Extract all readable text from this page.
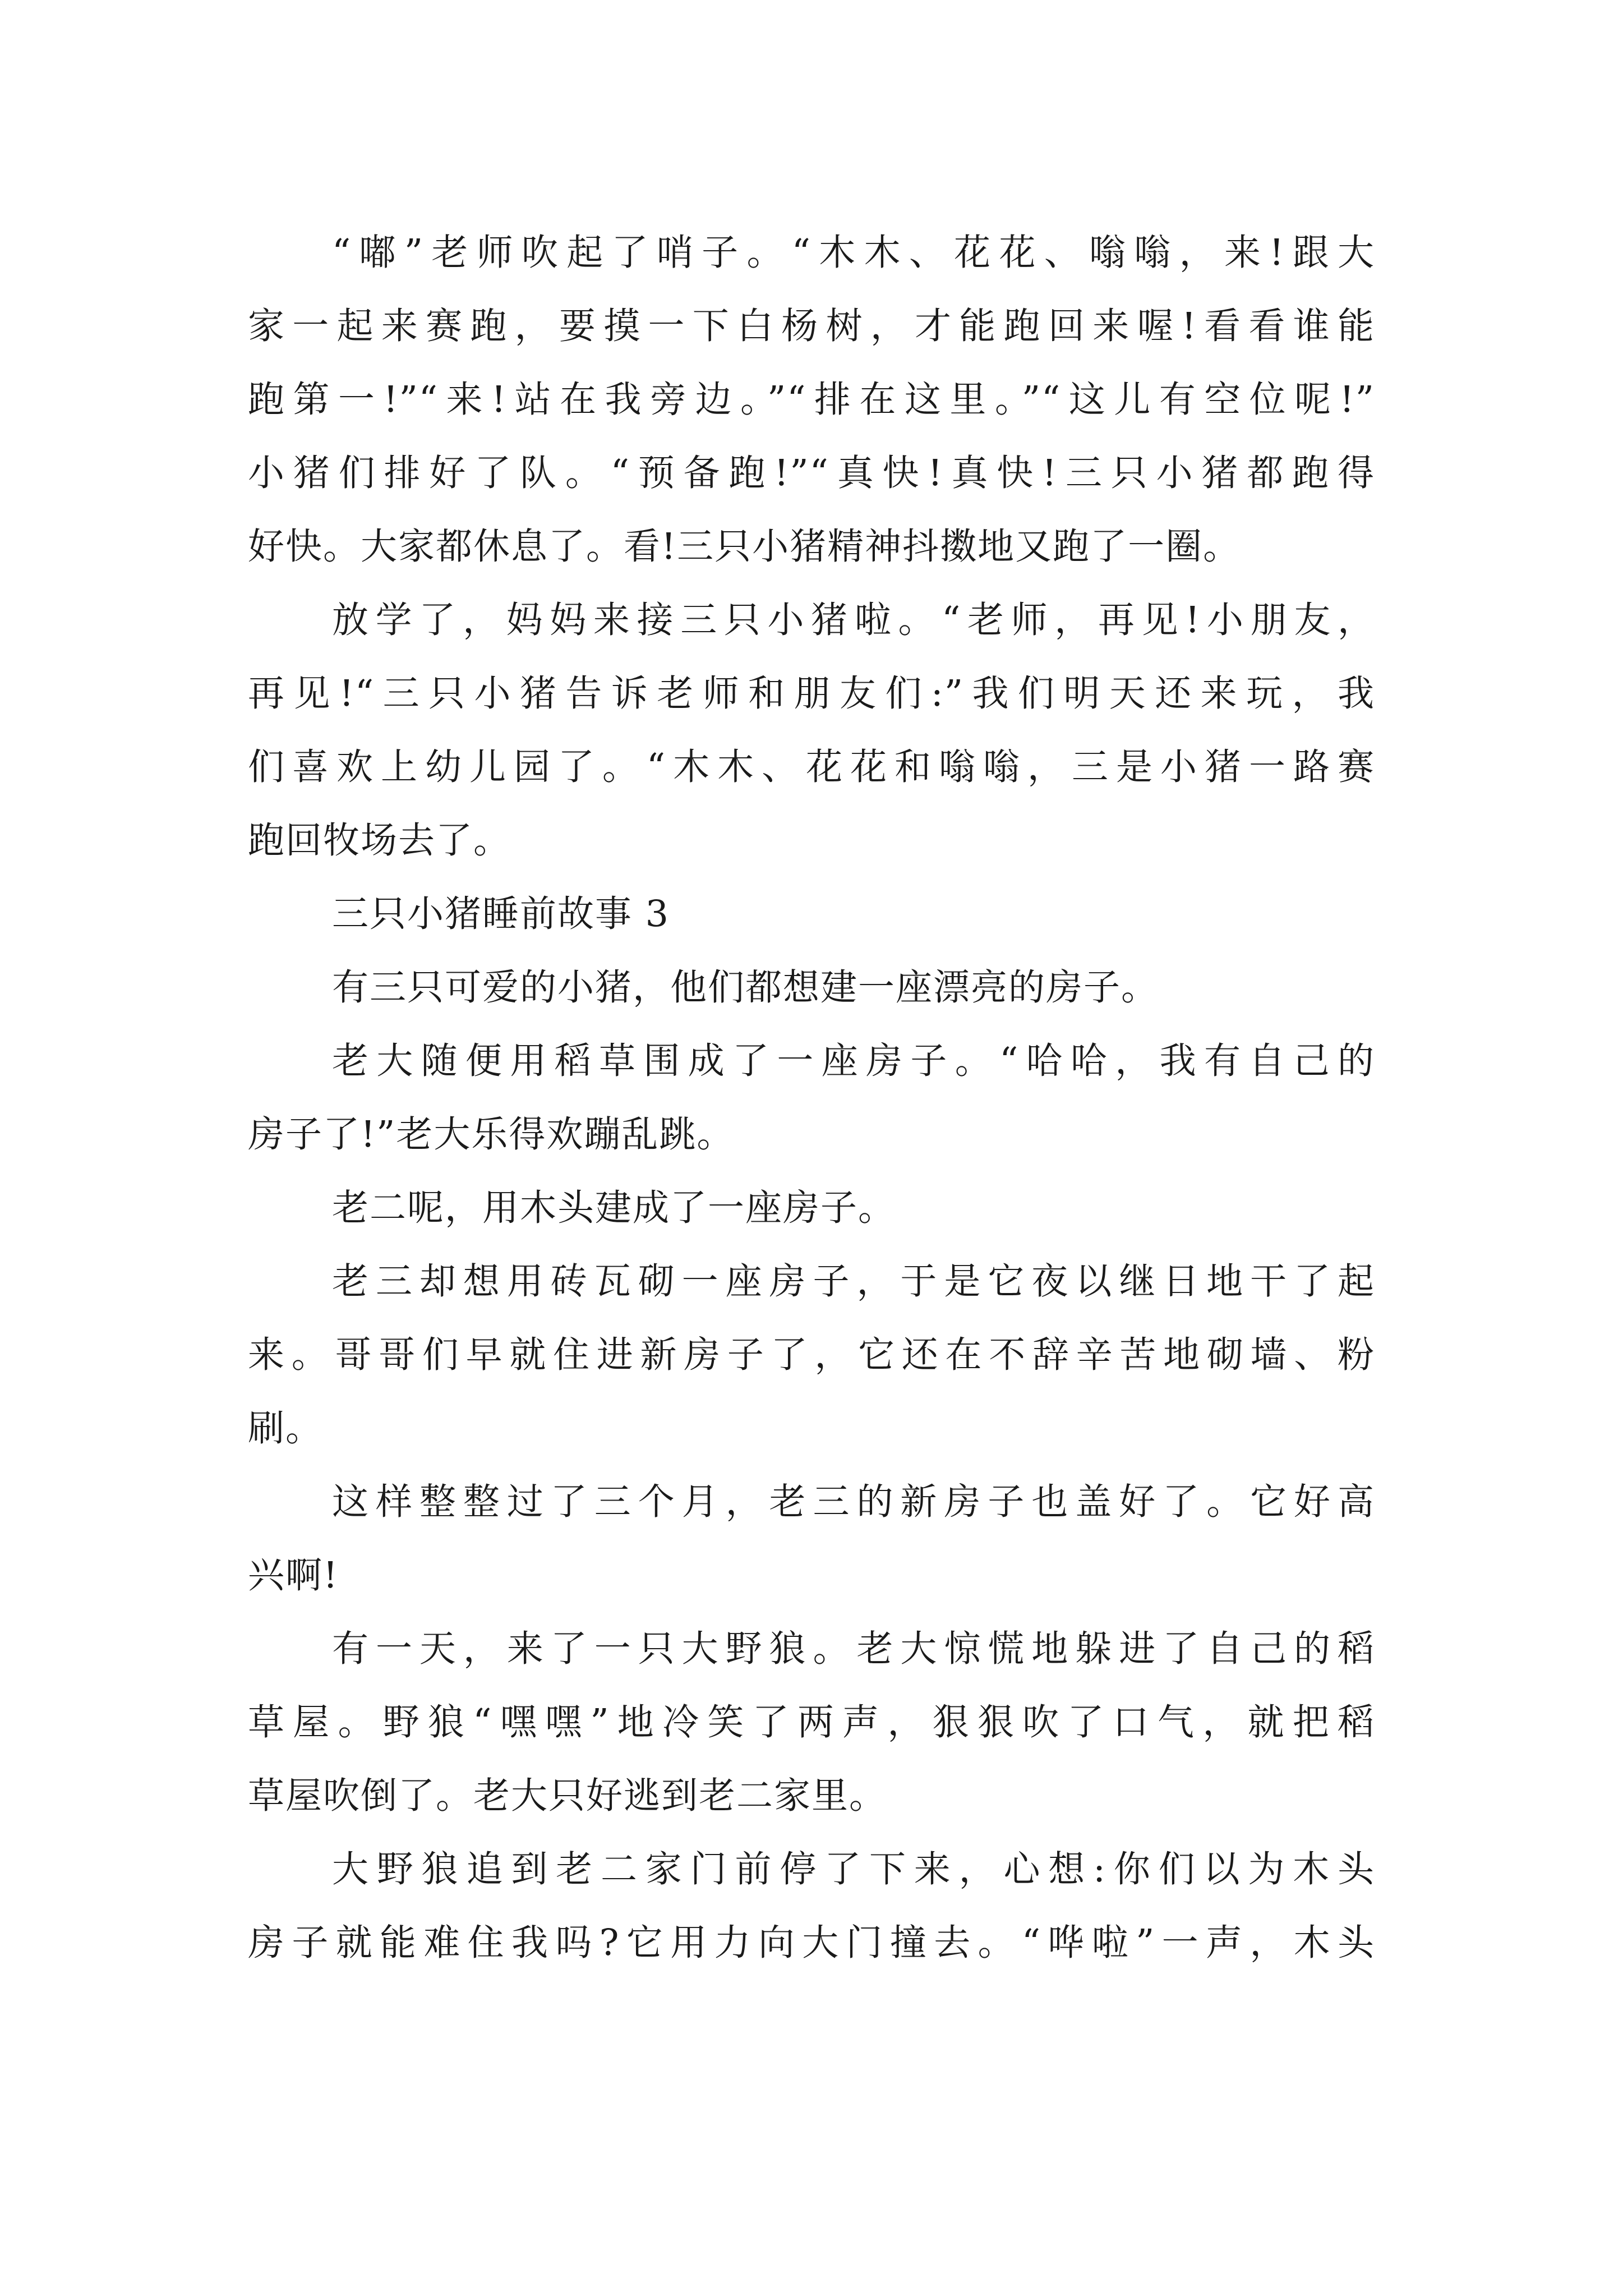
“嘟”老师吹起了哨子。“木木、花花、嗡嗡，来!跟大
家一起来赛跑，要摸一下白杨树，才能跑回来喔!看看谁能
跑第一!”“来!站在我旁边。”“排在这里。”“这儿有空位呢!”
小猪们排好了队。“预备跑!”“真快!真快!三只小猪都跑得
好快。大家都休息了。看!三只小猪精神抖擞地又跑了一圈。
放学了，妈妈来接三只小猪啦。“老师，再见!小朋友，
再见!“三只小猪告诉老师和朋友们:”我们明天还来玩，我
们喜欢上幼儿园了。“木木、花花和嗡嗡，三是小猪一路赛
跑回牧场去了。
三只小猪睡前故事 3
有三只可爱的小猪，他们都想建一座漂亮的房子。
老大随便用稻草围成了一座房子。“哈哈，我有自己的
房子了!”老大乐得欢蹦乱跳。
老二呢，用木头建成了一座房子。
老三却想用砖瓦砌一座房子，于是它夜以继日地干了起
来。哥哥们早就住进新房子了，它还在不辞辛苦地砌墙、粉
刷。
这样整整过了三个月，老三的新房子也盖好了。它好高
兴啊!
有一天，来了一只大野狼。老大惊慌地躲进了自己的稻
草屋。野狼“嘿嘿”地冷笑了两声，狠狠吹了口气，就把稻
草屋吹倒了。老大只好逃到老二家里。
大野狼追到老二家门前停了下来，心想:你们以为木头
房子就能难住我吗?它用力向大门撞去。“哗啦”一声，木头
